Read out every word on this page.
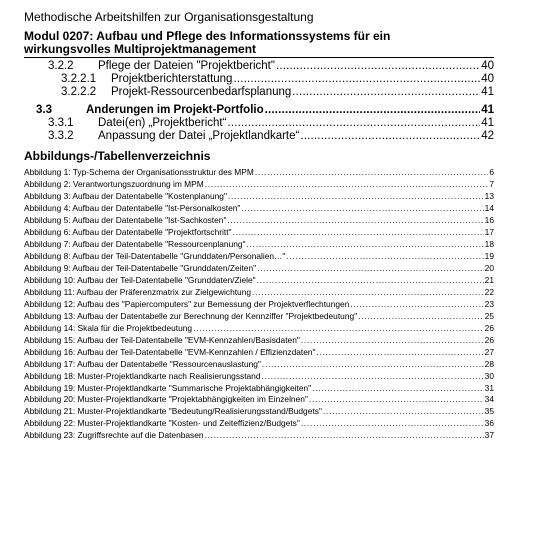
Methodische Arbeitshilfen zur Organisationsgestaltung
Modul 0207: Aufbau und Pflege des Informationssystems für ein
wirkungsvolles Multiprojektmanagement
3.2.2	Pflege der Dateien "Projektbericht" . . .	40
3.2.2.1	Projektberichterstattung . . .	40
3.2.2.2	Projekt-Ressourcenbedarfsplanung . . .	41
3.3	Änderungen im Projekt-Portfolio . . .	41
3.3.1	Datei(en) „Projektbericht“ . . .	41
3.3.2	Anpassung der Datei „Projektlandkarte“ . . .	42
Abbildungs-/Tabellenverzeichnis
Abbildung 1: Typ-Schema der Organisationsstruktur des MPM . . .	6
Abbildung 2: Verantwortungszuordnung im MPM . . .	7
Abbildung 3: Aufbau der Datentabelle "Kostenplanung" . . .	13
Abbildung 4: Aufbau der Datentabelle "Ist-Personalkosten" . . .	14
Abbildung 5: Aufbau der Datentabelle "Ist-Sachkosten" . . .	16
Abbildung 6: Aufbau der Datentabelle "Projektfortschritt" . . .	17
Abbildung 7: Aufbau der Datentabelle "Ressourcenplanung" . . .	18
Abbildung 8: Aufbau der Teil-Datentabelle "Grunddaten/Personalien…" . . .	19
Abbildung 9: Aufbau der Teil-Datentabelle "Grunddaten/Zeiten" . . .	20
Abbildung 10: Aufbau der Teil-Datentabelle "Grunddaten/Ziele" . . .	21
Abbildung 11: Aufbau der Präferenzmatrix zur Zielgewichtung . . .	22
Abbildung 12: Aufbau des "Papiercomputers" zur Bemessung der Projektverflechtungen . . .	23
Abbildung 13: Aufbau der Datentabelle zur Berechnung der Kennziffer "Projektbedeutung" . . .	25
Abbildung 14: Skala für die Projektbedeutung . . .	26
Abbildung 15: Aufbau der Teil-Datentabelle "EVM-Kennzahlen/Basisdaten" . . .	26
Abbildung 16: Aufbau der Teil-Datentabelle "EVM-Kennzahlen / Effizienzdaten" . . .	27
Abbildung 17: Aufbau der Datentabelle "Ressourcenauslastung" . . .	28
Abbildung 18: Muster-Projektlandkarte nach Realisierungsstand . . .	30
Abbildung 19: Muster-Projektlandkarte "Summarische Projektabhängigkeiten" . . .	31
Abbildung 20: Muster-Projektlandkarte "Projektabhängigkeiten im Einzelnen" . . .	34
Abbildung 21: Muster-Projektlandkarte "Bedeutung/Realisierungsstand/Budgets" . . .	35
Abbildung 22: Muster-Projektlandkarte "Kosten- und Zeiteffizienz/Budgets" . . .	36
Abbildung 23: Zugriffsrechte auf die Datenbasen . . .	37
